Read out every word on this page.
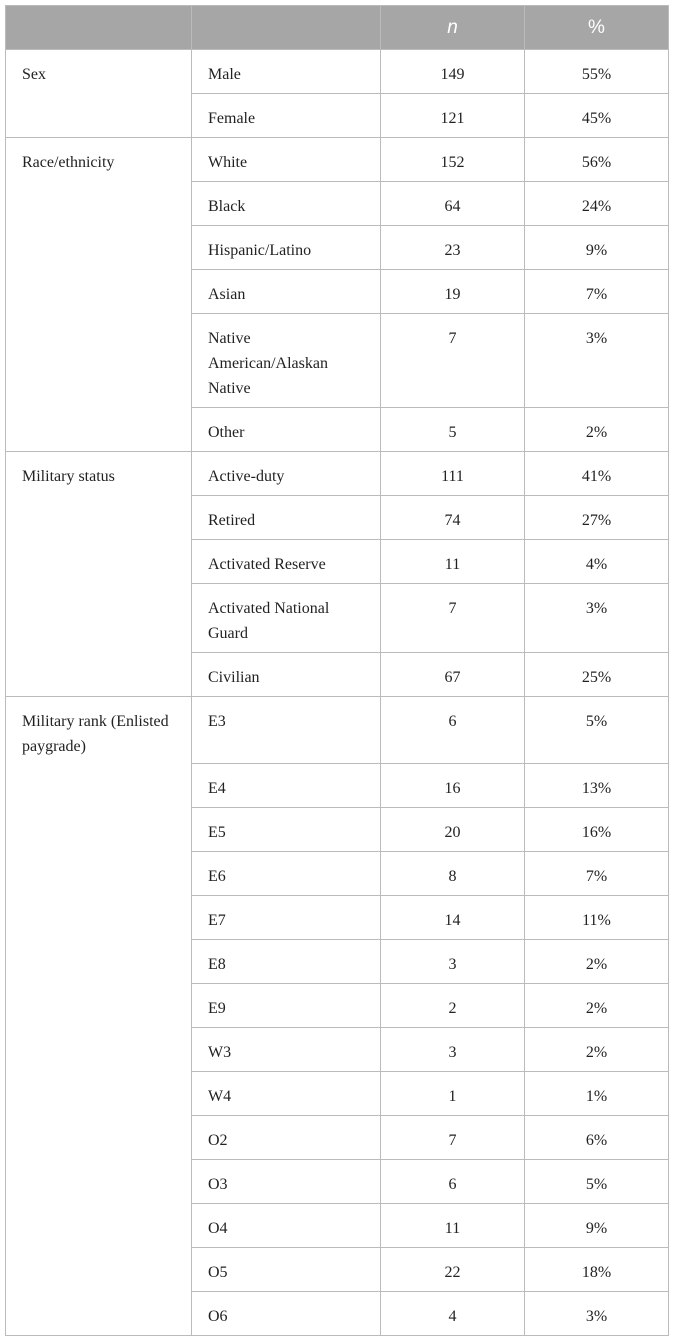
		n	%
Sex	Male	149	55%
	Female	121	45%
Race/ethnicity	White	152	56%
	Black	64	24%
	Hispanic/Latino	23	9%
	Asian	19	7%
	Native American/Alaskan Native	7	3%
	Other	5	2%
Military status	Active-duty	111	41%
	Retired	74	27%
	Activated Reserve	11	4%
	Activated National Guard	7	3%
	Civilian	67	25%
Military rank (Enlisted paygrade)	E3	6	5%
	E4	16	13%
	E5	20	16%
	E6	8	7%
	E7	14	11%
	E8	3	2%
	E9	2	2%
	W3	3	2%
	W4	1	1%
	O2	7	6%
	O3	6	5%
	O4	11	9%
	O5	22	18%
	O6	4	3%
